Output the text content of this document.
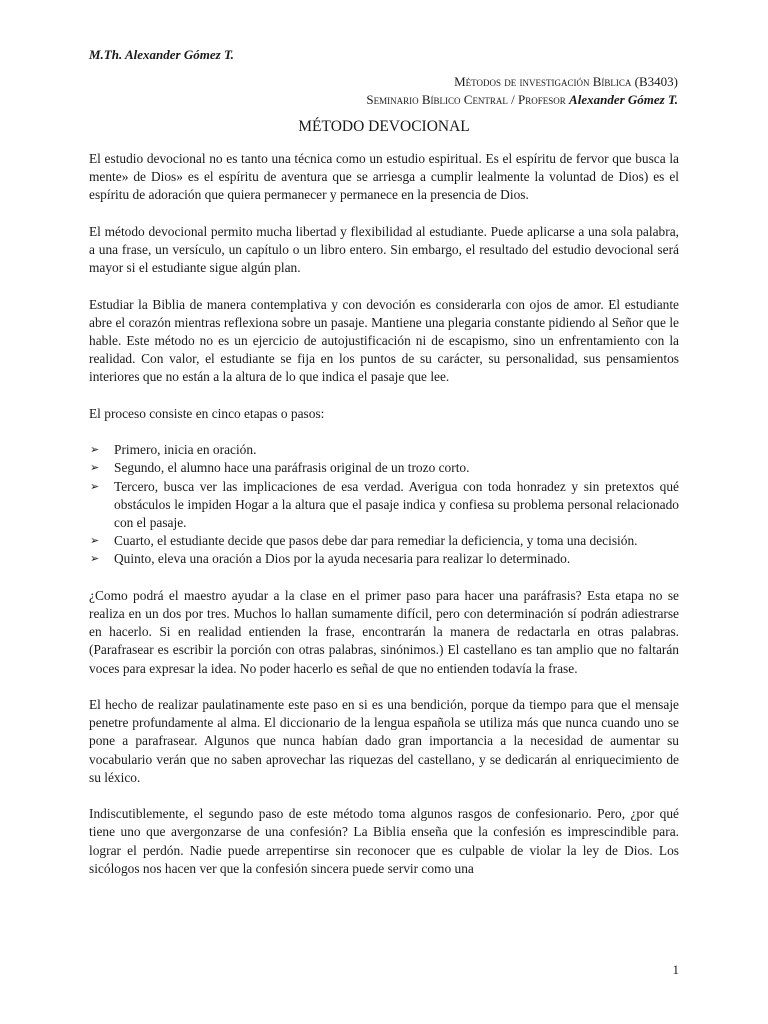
M.Th. Alexander Gómez T.
Métodos de investigación Bíblica (B3403)
Seminario Bíblico Central / Profesor Alexander Gómez T.
MÉTODO DEVOCIONAL

El estudio devocional no es tanto una técnica como un estudio espiritual. Es el espíritu de fervor que busca la mente» de Dios» es el espíritu de aventura que se arriesga a cumplir lealmente la voluntad de Dios) es el espíritu de adoración que quiera permanecer y permanece en la presencia de Dios.

El método devocional permito mucha libertad y flexibilidad al estudiante. Puede aplicarse a una sola palabra, a una frase, un versículo, un capítulo o un libro entero. Sin embargo, el resultado del estudio devocional será mayor si el estudiante sigue algún plan.

Estudiar la Biblia de manera contemplativa y con devoción es considerarla con ojos de amor. El estudiante abre el corazón mientras reflexiona sobre un pasaje. Mantiene una plegaria constante pidiendo al Señor que le hable. Este método no es un ejercicio de autojustificación ni de escapismo, sino un enfrentamiento con la realidad. Con valor, el estudiante se fija en los puntos de su carácter, su personalidad, sus pensamientos interiores que no están a la altura de lo que indica el pasaje que lee.

El proceso consiste en cinco etapas o pasos:

➢ Primero, inicia en oración.
➢ Segundo, el alumno hace una paráfrasis original de un trozo corto.
➢ Tercero, busca ver las implicaciones de esa verdad. Averigua con toda honradez y sin pretextos qué obstáculos le impiden Hogar a la altura que el pasaje indica y confiesa su problema personal relacionado con el pasaje.
➢ Cuarto, el estudiante decide que pasos debe dar para remediar la deficiencia, y toma una decisión.
➢ Quinto, eleva una oración a Dios por la ayuda necesaria para realizar lo determinado.

¿Como podrá el maestro ayudar a la clase en el primer paso para hacer una paráfrasis? Esta etapa no se realiza en un dos por tres. Muchos lo hallan sumamente difícil, pero con determinación sí podrán adiestrarse en hacerlo. Si en realidad entienden la frase, encontrarán la manera de redactarla en otras palabras. (Parafrasear es escribir la porción con otras palabras, sinónimos.) El castellano es tan amplio que no faltarán voces para expresar la idea. No poder hacerlo es señal de que no entienden todavía la frase.

El hecho de realizar paulatinamente este paso en si es una bendición, porque da tiempo para que el mensaje penetre profundamente al alma. El diccionario de la lengua española se utiliza más que nunca cuando uno se pone a parafrasear. Algunos que nunca habían dado gran importancia a la necesidad de aumentar su vocabulario verán que no saben aprovechar las riquezas del castellano, y se dedicarán al enriquecimiento de su léxico.

Indiscutiblemente, el segundo paso de este método toma algunos rasgos de confesionario. Pero, ¿por qué tiene uno que avergonzarse de una confesión? La Biblia enseña que la confesión es imprescindible para. lograr el perdón. Nadie puede arrepentirse sin reconocer que es culpable de violar la ley de Dios. Los sicólogos nos hacen ver que la confesión sincera puede servir como una

1
